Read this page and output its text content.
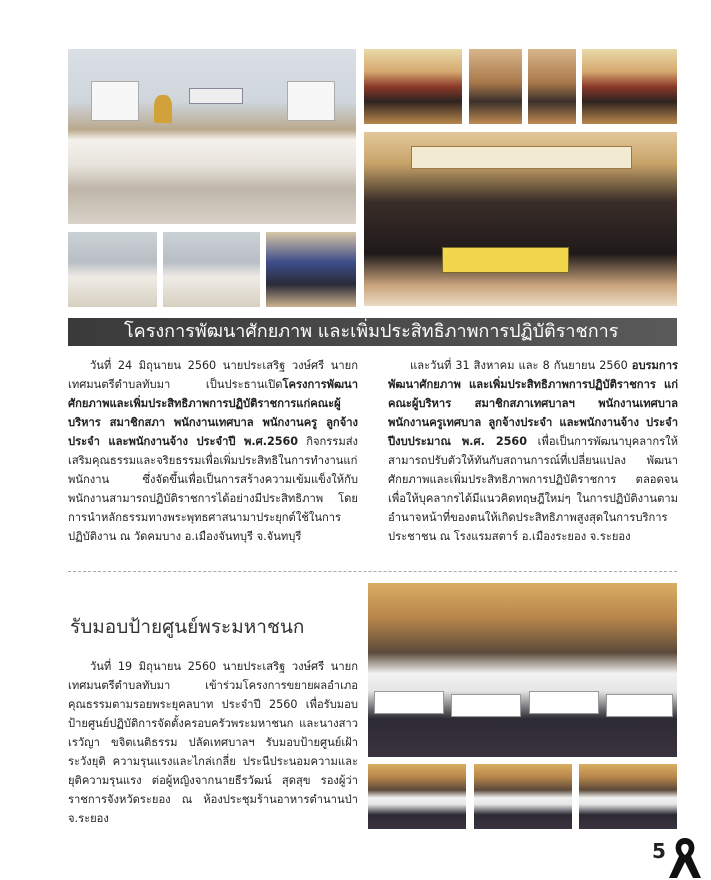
โครงการพัฒนาศักยภาพ และเพิ่มประสิทธิภาพการปฏิบัติราชการ
วันที่ 24 มิถุนายน 2560 นายประเสริฐ วงษ์ศรี นายกเทศมนตรีตำบลทับมา เป็นประธานเปิดโครงการพัฒนาศักยภาพและเพิ่มประสิทธิภาพการปฏิบัติราชการแก่คณะผู้บริหาร สมาชิกสภา พนักงานเทศบาล พนักงานครู ลูกจ้างประจำ และพนักงานจ้าง ประจำปี พ.ศ.2560 กิจกรรมส่งเสริมคุณธรรมและจริยธรรมเพื่อเพิ่มประสิทธิในการทำงานแก่พนักงาน ซึ่งจัดขึ้นเพื่อเป็นการสร้างความเข้มแข็งให้กับพนักงานสามารถปฏิบัติราชการได้อย่างมีประสิทธิภาพ โดยการนำหลักธรรมทางพระพุทธศาสนามาประยุกต์ใช้ในการปฏิบัติงาน ณ วัดคมบาง อ.เมืองจันทบุรี จ.จันทบุรี
และวันที่ 31 สิงหาคม และ 8 กันยายน 2560 อบรมการพัฒนาศักยภาพ และเพิ่มประสิทธิภาพการปฏิบัติราชการ แก่คณะผู้บริหาร สมาชิกสภาเทศบาลฯ พนักงานเทศบาล พนักงานครูเทศบาล ลูกจ้างประจำ และพนักงานจ้าง ประจำปีงบประมาณ พ.ศ. 2560 เพื่อเป็นการพัฒนาบุคลากรให้สามารถปรับตัวให้ทันกับสถานการณ์ที่เปลี่ยนแปลง พัฒนาศักยภาพและเพิ่มประสิทธิภาพการปฏิบัติราชการ ตลอดจนเพื่อให้บุคลากรได้มีแนวคิดทฤษฎีใหม่ๆ ในการปฏิบัติงานตามอำนาจหน้าที่ของตนให้เกิดประสิทธิภาพสูงสุดในการบริการประชาชน ณ โรงแรมสตาร์ อ.เมืองระยอง จ.ระยอง
รับมอบป้ายศูนย์พระมหาชนก
วันที่ 19 มิถุนายน 2560 นายประเสริฐ วงษ์ศรี นายกเทศมนตรีตำบลทับมา เข้าร่วมโครงการขยายผลอำเภอคุณธรรมตามรอยพระยุคลบาท ประจำปี 2560 เพื่อรับมอบป้ายศูนย์ปฏิบัติการจัดตั้งครอบครัวพระมหาชนก และนางสาวเรวัญา ขจิตเนติธรรม ปลัดเทศบาลฯ รับมอบป้ายศูนย์เฝ้าระวังยุติ ความรุนแรงและไกล่เกลี่ย ประนีประนอมความและยุติความรุนแรง ต่อผู้หญิงจากนายธีรวัฒน์ สุดสุข รองผู้ว่าราชการจังหวัดระยอง ณ ห้องประชุมร้านอาหารตำนานป่า จ.ระยอง
5
